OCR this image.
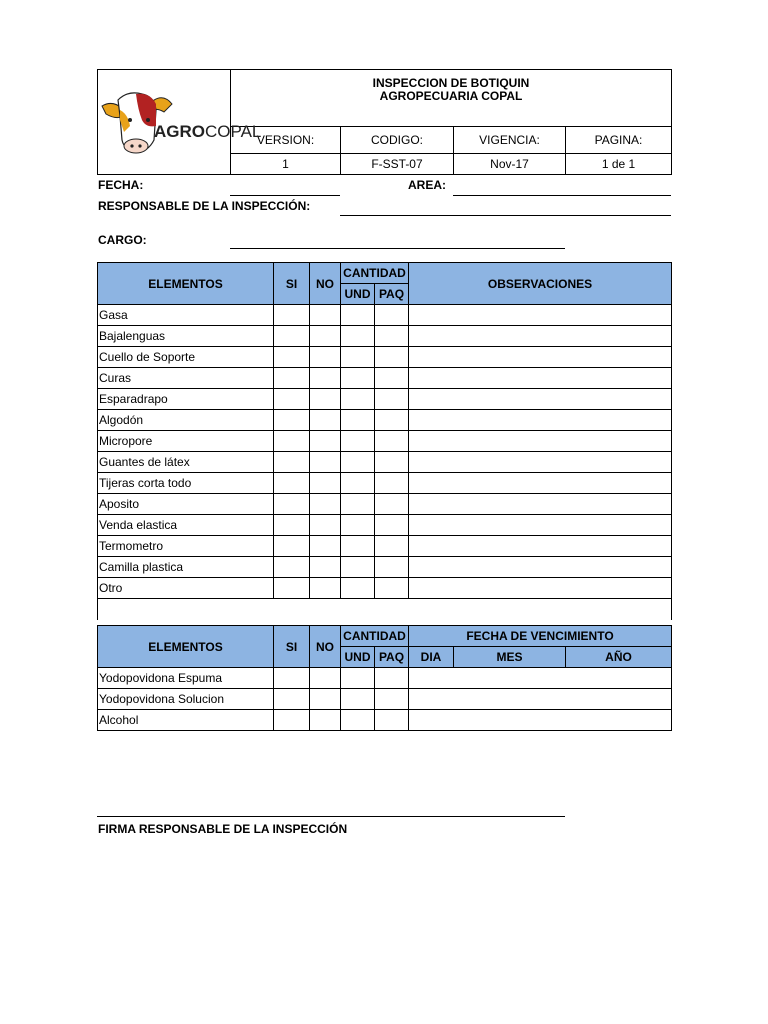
AGROCOPAL	INSPECCION DE BOTIQUIN
AGROPECUARIA COPAL			

	VERSION:	CODIGO:	VIGENCIA:	PAGINA:
	1	F-SST-07	Nov-17	1 de 1
FECHA:	AREA:
RESPONSABLE DE LA INSPECCIÓN:
CARGO:
ELEMENTOS	SI	NO	CANTIDAD		OBSERVACIONES
			UND	PAQ	
Gasa					
Bajalenguas					
Cuello de Soporte					
Curas					
Esparadrapo					
Algodón					
Micropore					
Guantes de látex					
Tijeras corta todo					
Aposito					
Venda elastica					
Termometro					
Camilla plastica					
Otro					

ELEMENTOS	SI	NO	CANTIDAD		FECHA DE VENCIMIENTO		
			UND	PAQ	DIA	MES	AÑO
Yodopovidona Espuma							
Yodopovidona Solucion							
Alcohol							
FIRMA RESPONSABLE DE LA INSPECCIÓN
